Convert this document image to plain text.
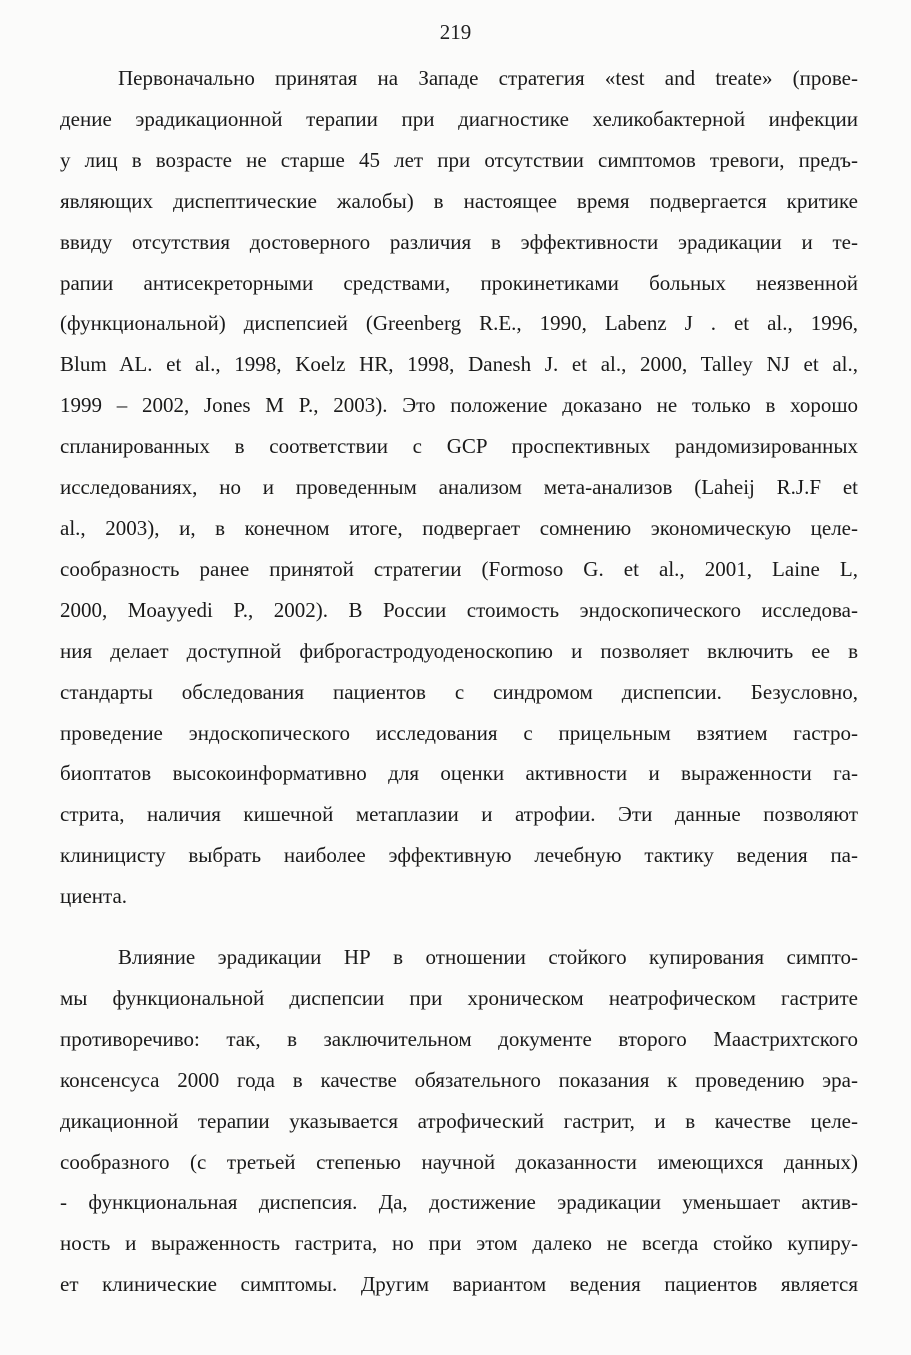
219
Первоначально принятая на Западе стратегия «test and treate» (прове-
дение эрадикационной терапии при диагностике хеликобактерной инфекции
у лиц в возрасте не старше 45 лет при отсутствии симптомов тревоги, предъ-
являющих диспептические жалобы) в настоящее время подвергается критике
ввиду отсутствия достоверного различия в эффективности эрадикации и те-
рапии антисекреторными средствами, прокинетиками больных неязвенной
(функциональной) диспепсией (Greenberg R.E., 1990, Labenz J . et al., 1996,
Blum AL. et al., 1998, Koelz HR, 1998, Danesh J. et al., 2000, Talley NJ et al.,
1999 – 2002, Jones M P., 2003). Это положение доказано не только в хорошо
спланированных в соответствии с GCP проспективных рандомизированных
исследованиях, но и проведенным анализом мета-анализов (Laheij R.J.F et
al., 2003), и, в конечном итоге, подвергает сомнению экономическую целе-
сообразность ранее принятой стратегии (Formoso G. et al., 2001, Laine L,
2000, Moayyedi P., 2002). В России стоимость эндоскопического исследова-
ния делает доступной фиброгастродуоденоскопию и позволяет включить ее в
стандарты обследования пациентов с синдромом диспепсии. Безусловно,
проведение эндоскопического исследования с прицельным взятием гастро-
биоптатов высокоинформативно для оценки активности и выраженности га-
стрита, наличия кишечной метаплазии и атрофии. Эти данные позволяют
клиницисту выбрать наиболее эффективную лечебную тактику ведения па-
циента.
Влияние эрадикации НР в отношении стойкого купирования симпто-
мы функциональной диспепсии при хроническом неатрофическом гастрите
противоречиво: так, в заключительном документе второго Маастрихтского
консенсуса 2000 года в качестве обязательного показания к проведению эра-
дикационной терапии указывается атрофический гастрит, и в качестве целе-
сообразного (с третьей степенью научной доказанности имеющихся данных)
- функциональная диспепсия. Да, достижение эрадикации уменьшает актив-
ность и выраженность гастрита, но при этом далеко не всегда стойко купиру-
ет клинические симптомы. Другим вариантом ведения пациентов является
